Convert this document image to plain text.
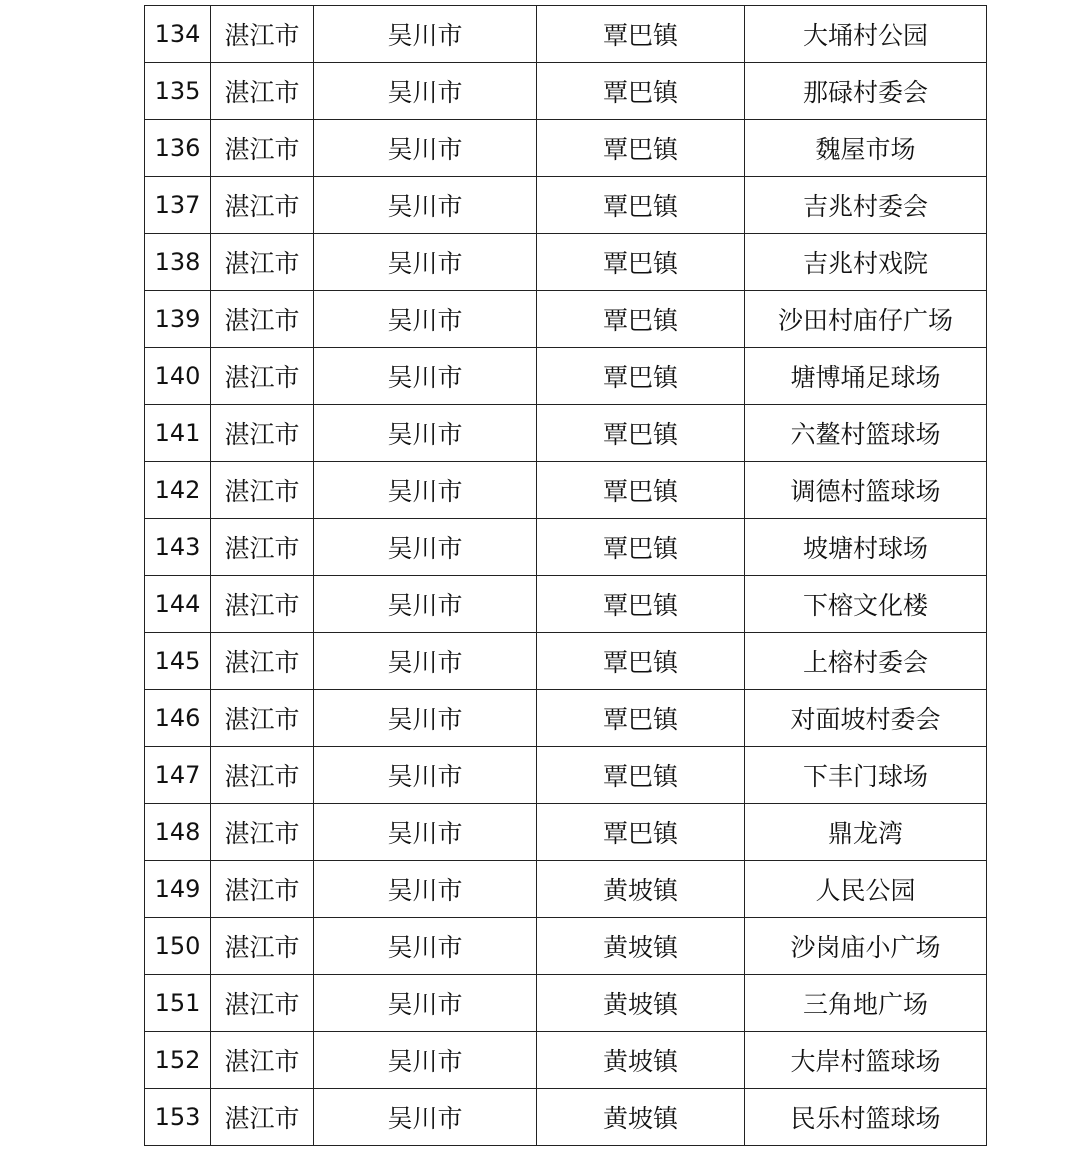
134	湛江市	吴川市	覃巴镇	大埇村公园
135	湛江市	吴川市	覃巴镇	那碌村委会
136	湛江市	吴川市	覃巴镇	魏屋市场
137	湛江市	吴川市	覃巴镇	吉兆村委会
138	湛江市	吴川市	覃巴镇	吉兆村戏院
139	湛江市	吴川市	覃巴镇	沙田村庙仔广场
140	湛江市	吴川市	覃巴镇	塘博埇足球场
141	湛江市	吴川市	覃巴镇	六鳌村篮球场
142	湛江市	吴川市	覃巴镇	调德村篮球场
143	湛江市	吴川市	覃巴镇	坡塘村球场
144	湛江市	吴川市	覃巴镇	下榕文化楼
145	湛江市	吴川市	覃巴镇	上榕村委会
146	湛江市	吴川市	覃巴镇	对面坡村委会
147	湛江市	吴川市	覃巴镇	下丰门球场
148	湛江市	吴川市	覃巴镇	鼎龙湾
149	湛江市	吴川市	黄坡镇	人民公园
150	湛江市	吴川市	黄坡镇	沙岗庙小广场
151	湛江市	吴川市	黄坡镇	三角地广场
152	湛江市	吴川市	黄坡镇	大岸村篮球场
153	湛江市	吴川市	黄坡镇	民乐村篮球场
